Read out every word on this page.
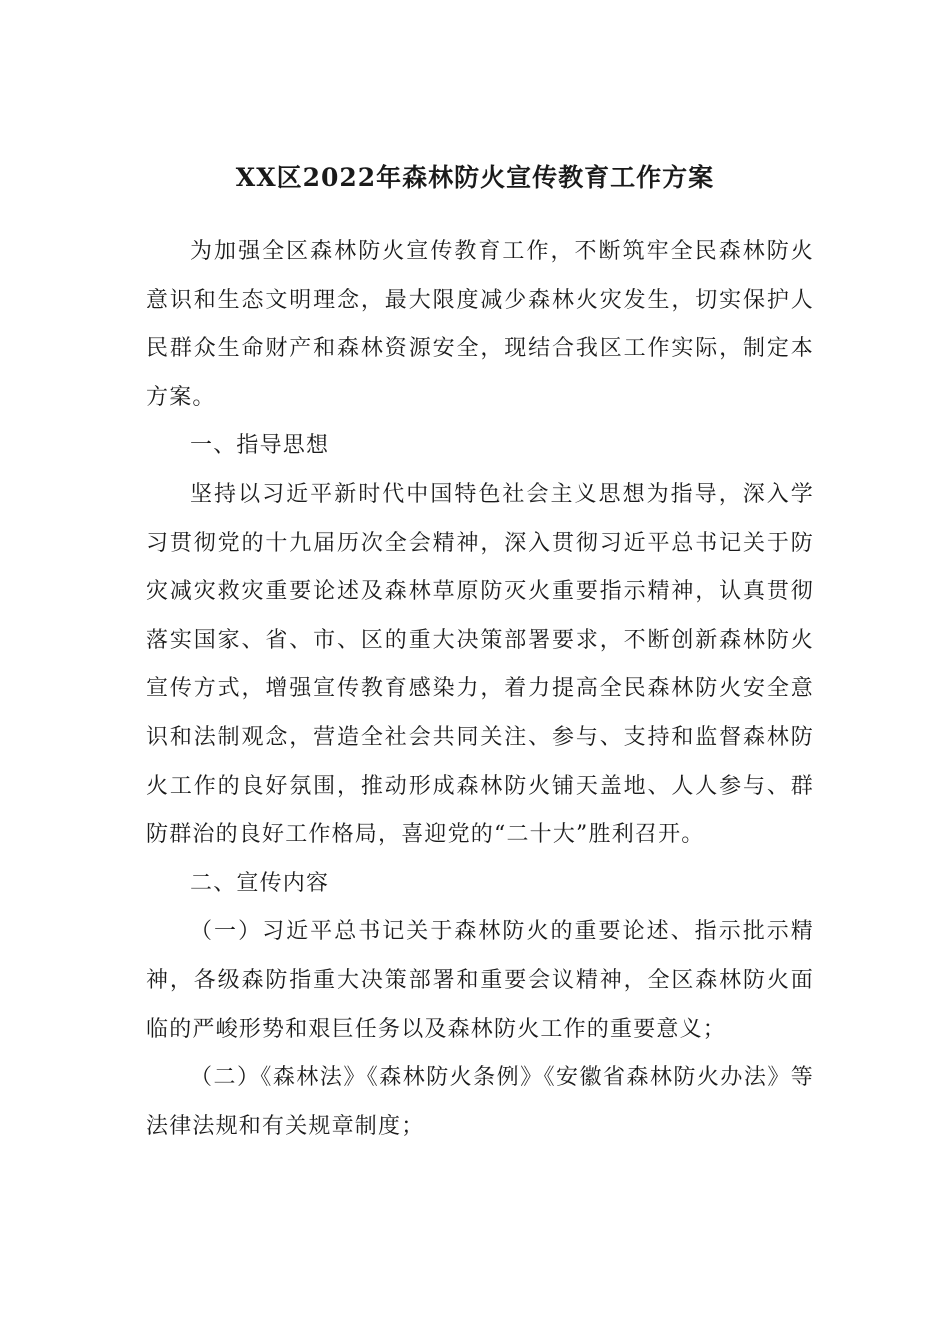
XX区2022年森林防火宣传教育工作方案

为加强全区森林防火宣传教育工作，不断筑牢全民森林防火意识和生态文明理念，最大限度减少森林火灾发生，切实保护人民群众生命财产和森林资源安全，现结合我区工作实际，制定本方案。

一、指导思想

坚持以习近平新时代中国特色社会主义思想为指导，深入学习贯彻党的十九届历次全会精神，深入贯彻习近平总书记关于防灾减灾救灾重要论述及森林草原防灭火重要指示精神，认真贯彻落实国家、省、市、区的重大决策部署要求，不断创新森林防火宣传方式，增强宣传教育感染力，着力提高全民森林防火安全意识和法制观念，营造全社会共同关注、参与、支持和监督森林防火工作的良好氛围，推动形成森林防火铺天盖地、人人参与、群防群治的良好工作格局，喜迎党的“二十大”胜利召开。

二、宣传内容

（一）习近平总书记关于森林防火的重要论述、指示批示精神，各级森防指重大决策部署和重要会议精神，全区森林防火面临的严峻形势和艰巨任务以及森林防火工作的重要意义；

（二）《森林法》《森林防火条例》《安徽省森林防火办法》等法律法规和有关规章制度；
